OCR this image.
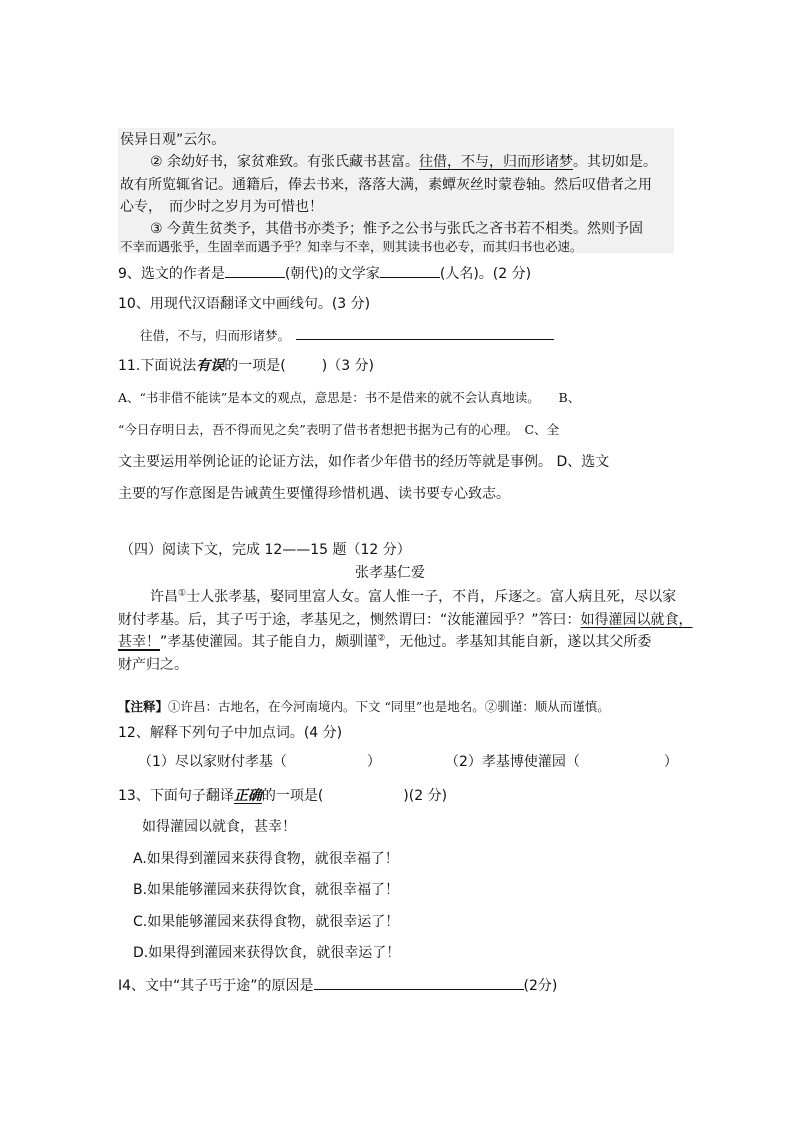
侯异日观”云尔。
② 余幼好书，家贫难致。有张氏藏书甚富。往借，不与，归而形诸梦。其切如是。
故有所览辄省记。通籍后，俸去书来，落落大满，素蟫灰丝时蒙卷轴。然后叹借者之用
心专，　而少时之岁月为可惜也！
③ 今黄生贫类予，其借书亦类予；惟予之公书与张氏之吝书若不相类。然则予固
不幸而遇张乎，生固幸而遇予乎？知幸与不幸，则其读书也必专，而其归书也必速。
9、选文的作者是	(朝代)的文学家	(人名)。(2 分)
10、用现代汉语翻译文中画线句。(3 分)
往借，不与，归而形诸梦。
11.下面说法有误的一项是(	)（3 分)
A、“书非借不能读”是本文的观点，意思是：书不是借来的就不会认真地读。　　B、
“今日存明日去，吾不得而见之矣”表明了借书者想把书据为己有的心理。　C、全
文主要运用举例论证的论证方法，如作者少年借书的经历等就是事例。 D、选文
主要的写作意图是告诫黄生要懂得珍惜机遇、读书要专心致志。
（四）阅读下文，完成 12——15 题（12 分）
张孝基仁爱
许昌①士人张孝基，娶同里富人女。富人惟一子，不肖，斥逐之。富人病且死，尽以家
财付孝基。后，其子丐于途，孝基见之，恻然谓曰：“汝能灌园乎？”答曰：如得灌园以就食，
甚幸！”孝基使灌园。其子能自力，颇驯谨②，无他过。孝基知其能自新，遂以其父所委
财产归之。
【注释】①许昌：古地名，在今河南境内。下文 “同里”也是地名。②驯谨：顺从而谨慎。
12、解释下列句子中加点词。(4 分)
（1）尽以家财付孝基（	）	（2）孝基博使灌园（	）
13、下面句子翻译正确的一项是(	)(2 分)
如得灌园以就食，甚幸！
A.如果得到灌园来获得食物，就很幸福了！
B.如果能够灌园来获得饮食，就很幸福了！
C.如果能够灌园来获得食物，就很幸运了！
D.如果得到灌园来获得饮食，就很幸运了！
I4、文中“其子丐于途”的原因是	(2分)
